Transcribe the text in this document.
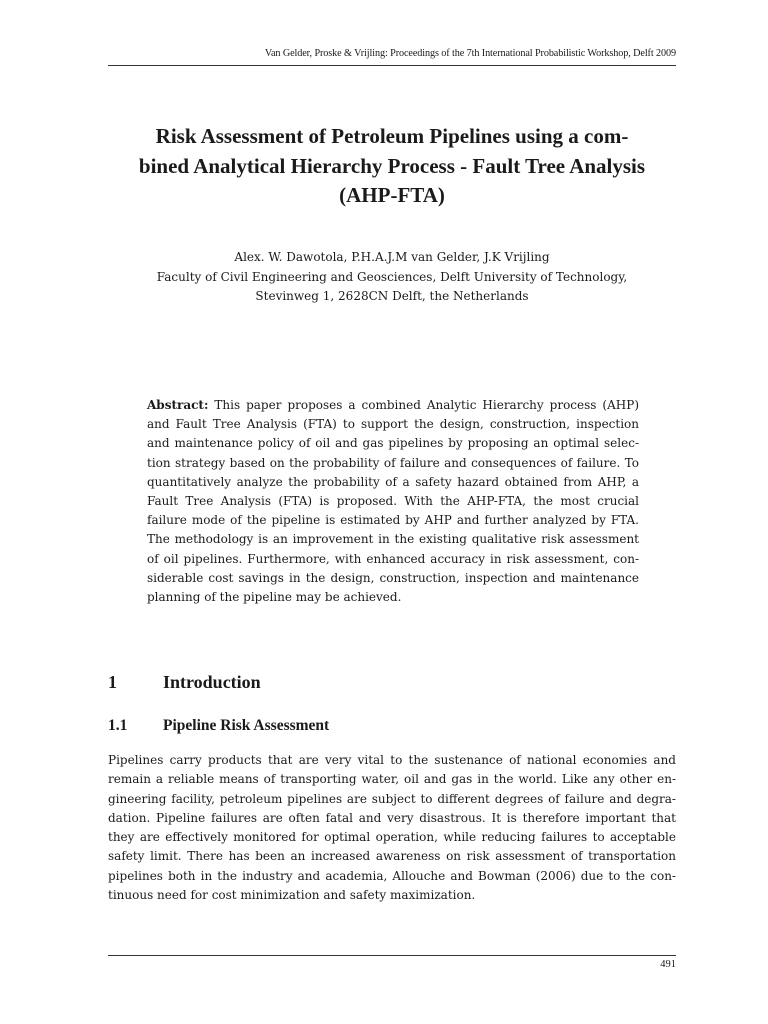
Van Gelder, Proske & Vrijling: Proceedings of the 7th International Probabilistic Workshop, Delft 2009
Risk Assessment of Petroleum Pipelines using a com-
bined Analytical Hierarchy Process - Fault Tree Analysis
(AHP-FTA)
Alex. W. Dawotola, P.H.A.J.M van Gelder, J.K Vrijling
Faculty of Civil Engineering and Geosciences, Delft University of Technology,
Stevinweg 1, 2628CN Delft, the Netherlands
Abstract: This paper proposes a combined Analytic Hierarchy process (AHP)
and Fault Tree Analysis (FTA) to support the design, construction, inspection
and maintenance policy of oil and gas pipelines by proposing an optimal selec-
tion strategy based on the probability of failure and consequences of failure. To
quantitatively analyze the probability of a safety hazard obtained from AHP, a
Fault Tree Analysis (FTA) is proposed. With the AHP-FTA, the most crucial
failure mode of the pipeline is estimated by AHP and further analyzed by FTA.
The methodology is an improvement in the existing qualitative risk assessment
of oil pipelines. Furthermore, with enhanced accuracy in risk assessment, con-
siderable cost savings in the design, construction, inspection and maintenance
planning of the pipeline may be achieved.
1	Introduction
1.1 Pipeline Risk Assessment
Pipelines carry products that are very vital to the sustenance of national economies and
remain a reliable means of transporting water, oil and gas in the world. Like any other en-
gineering facility, petroleum pipelines are subject to different degrees of failure and degra-
dation. Pipeline failures are often fatal and very disastrous. It is therefore important that
they are effectively monitored for optimal operation, while reducing failures to acceptable
safety limit. There has been an increased awareness on risk assessment of transportation
pipelines both in the industry and academia, Allouche and Bowman (2006) due to the con-
tinuous need for cost minimization and safety maximization.
491
